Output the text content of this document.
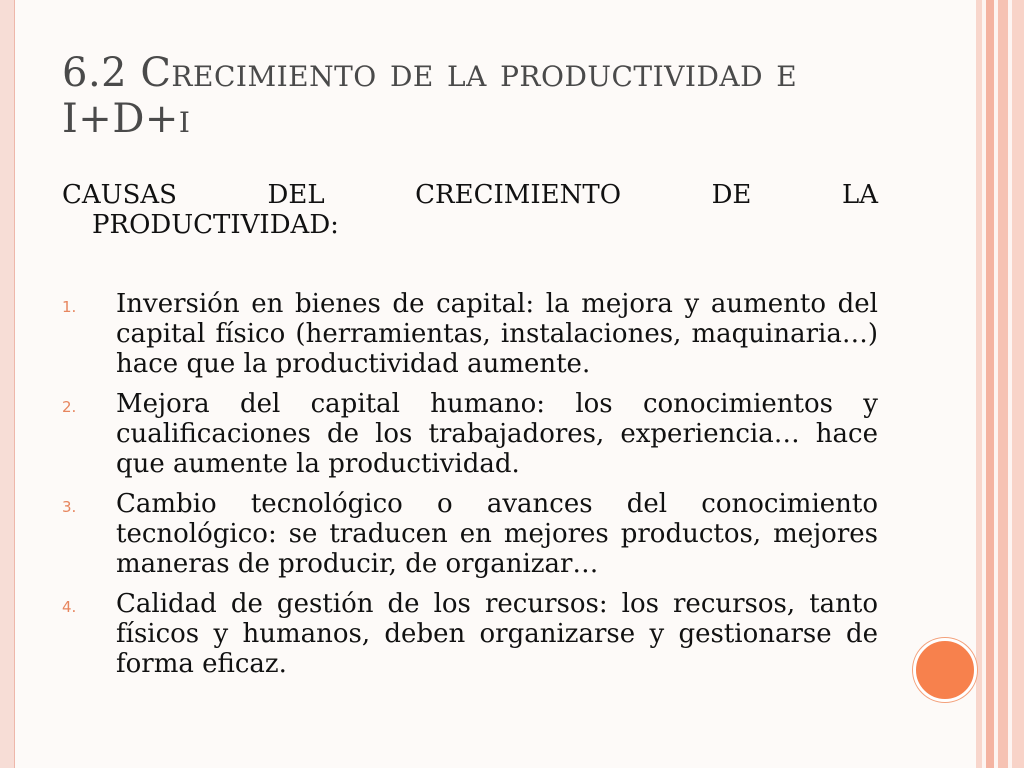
6.2 Crecimiento de la productividad e I+D+i
CAUSAS DEL CRECIMIENTO DE LA
PRODUCTIVIDAD:
1. Inversión en bienes de capital: la mejora y aumento del capital físico (herramientas, instalaciones, maquinaria…) hace que la productividad aumente.
2. Mejora del capital humano: los conocimientos y cualificaciones de los trabajadores, experiencia… hace que aumente la productividad.
3. Cambio tecnológico o avances del conocimiento tecnológico: se traducen en mejores productos, mejores maneras de producir, de organizar…
4. Calidad de gestión de los recursos: los recursos, tanto físicos y humanos, deben organizarse y gestionarse de forma eficaz.
